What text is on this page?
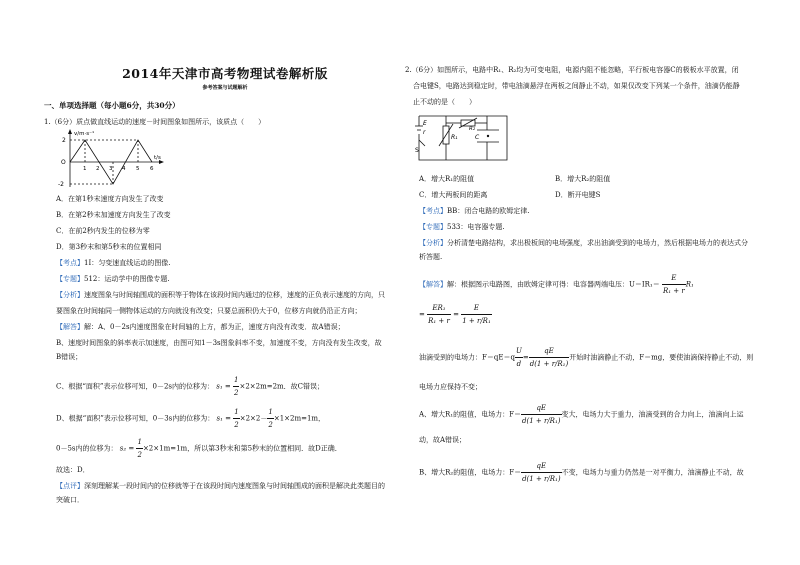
2014年天津市高考物理试卷解析版
参考答案与试题解析
一、单项选择题（每小题6分，共30分）
1.（6分）质点做直线运动的速度－时间图象如图所示，该质点（　　）
v/m·s⁻¹
2
O
-2
1 2 3 4 5 6
t/s
A．在第1秒末速度方向发生了改变
B．在第2秒末加速度方向发生了改变
C．在前2秒内发生的位移为零
D．第3秒末和第5秒末的位置相同
【考点】1I：匀变速直线运动的图像.
【专题】512：运动学中的图像专题.
【分析】速度图象与时间轴围成的面积等于物体在该段时间内通过的位移，速度的正负表示速度的方向，只
要图象在时间轴同一侧物体运动的方向就没有改变；只要总面积仍大于0，位移方向就仍沿正方向；
【解答】解：A、0－2s内速度图象在时间轴的上方，都为正，速度方向没有改变．故A错误；
B、速度时间图象的斜率表示加速度，由图可知1－3s图象斜率不变，加速度不变，方向没有发生改变，故
B错误；
C、根据“面积”表示位移可知，0－2s内的位移为： $s_1 = \frac{1}{2} \times 2\times 2m=2m$．故C错误；
D、根据“面积”表示位移可知，0－3s内的位移为： $s_1 = \frac{1}{2} \times 2\times 2- \frac{1}{2} \times 1\times 2m=1m$，
0－5s内的位移为： $s_2 = \frac{1}{2} \times 2\times 1m=1m$，所以第3秒末和第5秒末的位置相同．故D正确．
故选：D．
【点评】深刻理解某一段时间内的位移就等于在该段时间内速度图象与时间轴围成的面积是解决此类题目的
突破口．
2.（6分）如图所示，电路中R₁、R₂均为可变电阻，电源内阻不能忽略，平行板电容器C的极板水平放置，闭
合电键S，电路达到稳定时，带电油滴悬浮在两板之间静止不动，如果仅改变下列某一个条件，油滴仍能静
止不动的是（　　）
E
r
S
R₁
R₂
C
A．增大R₁的阻值	B．增大R₂的阻值
C．增大两板间的距离	D．断开电键S
【考点】BB：闭合电路的欧姆定律.
【专题】533：电容器专题.
【分析】分析清楚电路结构，求出极板间的电场强度，求出油滴受到的电场力，然后根据电场力的表达式分
析答题.
【解答】解：根据图示电路图，由欧姆定律可得：电容器两端电压：$U=IR_1= \frac{E}{\text{R₁ + r}} R_1$
= $\frac{\text{ER₁}}{\text{R₁ + r}} = \frac{E}{\text{1 + r/R₁}}$
油滴受到的电场力：$F=qE=q \frac{U}{d} = \frac{qE}{\text{d(1 + r/R₁)}}$ 开始时油滴静止不动，F＝mg，要使油滴保持静止不动，则
电场力应保持不变；
A、增大R₁的阻值，电场力：$F= \frac{qE}{\text{d(1 + r/R₁)}}$ 变大，电场力大于重力，油滴受到的合力向上，油滴向上运
动，故A错误；
B、增大R₂的阻值，电场力：$F= \frac{qE}{\text{d(1 + r/R₁)}}$ 不变，电场力与重力仍然是一对平衡力，油滴静止不动，故
